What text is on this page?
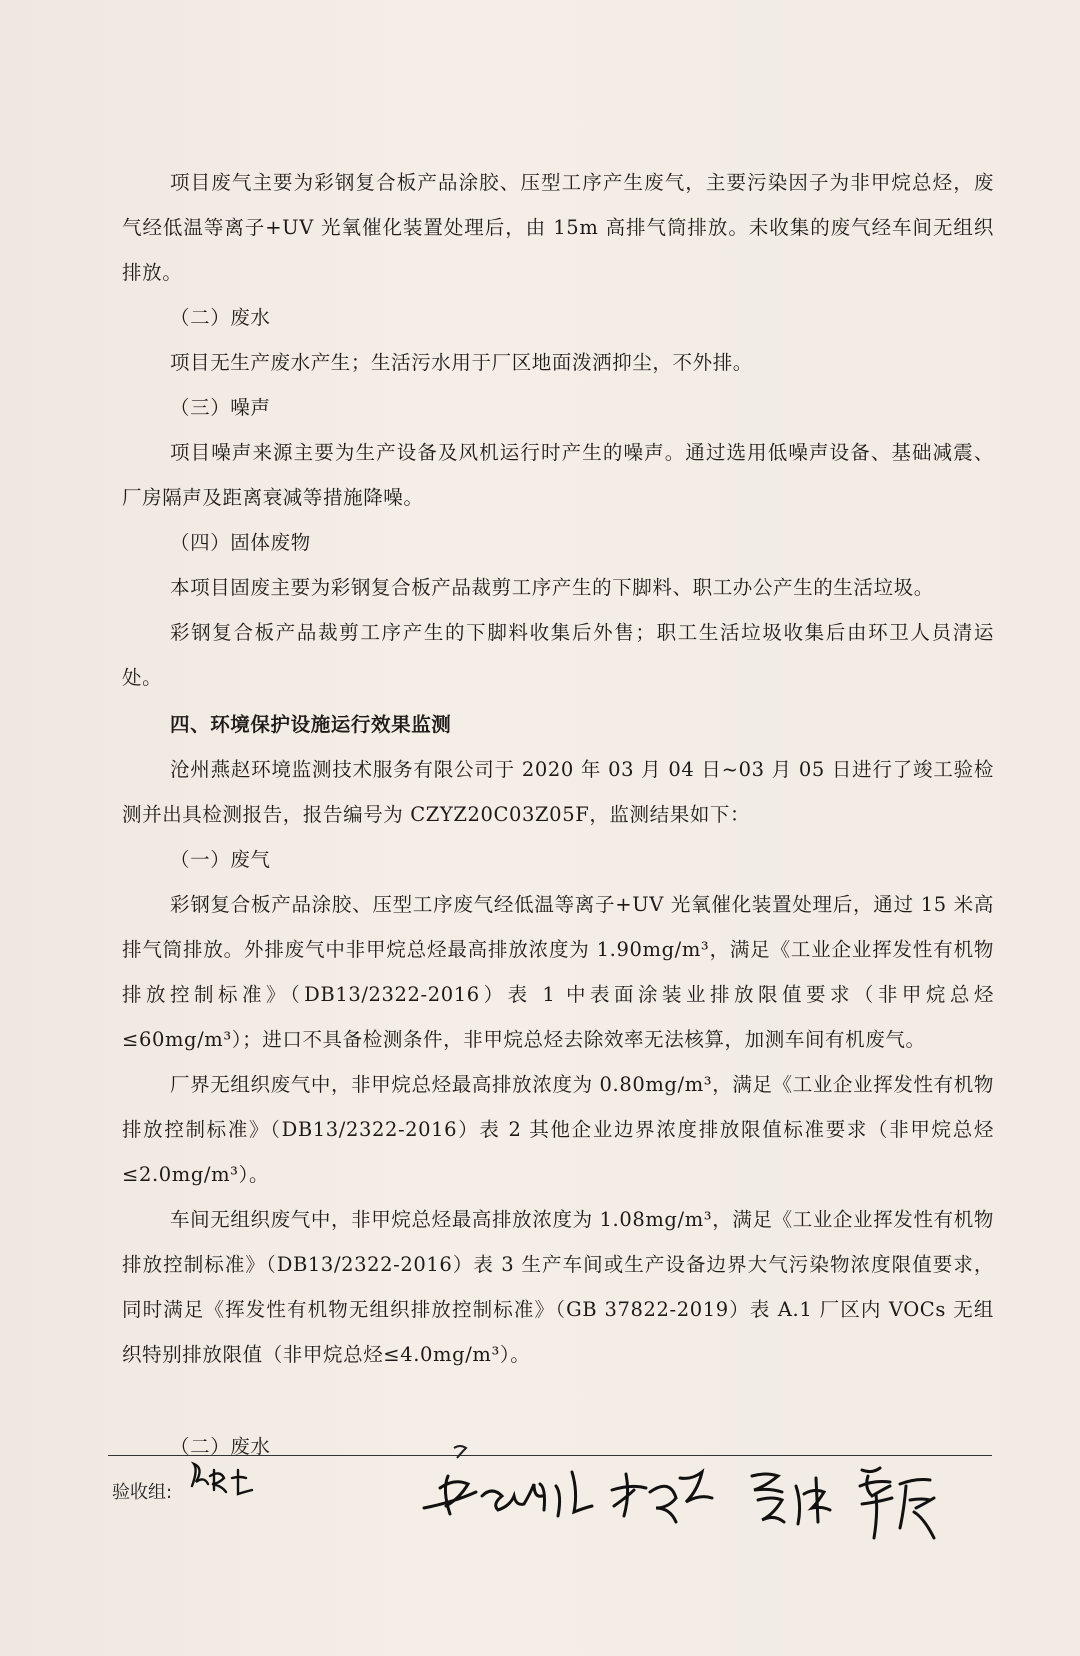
项目废气主要为彩钢复合板产品涂胶、压型工序产生废气，主要污染因子为非甲烷总烃，废气经低温等离子+UV 光氧催化装置处理后，由 15m 高排气筒排放。未收集的废气经车间无组织排放。

（二）废水

项目无生产废水产生；生活污水用于厂区地面泼洒抑尘，不外排。

（三）噪声

项目噪声来源主要为生产设备及风机运行时产生的噪声。通过选用低噪声设备、基础减震、厂房隔声及距离衰减等措施降噪。

（四）固体废物

本项目固废主要为彩钢复合板产品裁剪工序产生的下脚料、职工办公产生的生活垃圾。

彩钢复合板产品裁剪工序产生的下脚料收集后外售；职工生活垃圾收集后由环卫人员清运处。

四、环境保护设施运行效果监测

沧州燕赵环境监测技术服务有限公司于 2020 年 03 月 04 日~03 月 05 日进行了竣工验检测并出具检测报告，报告编号为 CZYZ20C03Z05F，监测结果如下：

（一）废气

彩钢复合板产品涂胶、压型工序废气经低温等离子+UV 光氧催化装置处理后，通过 15 米高排气筒排放。外排废气中非甲烷总烃最高排放浓度为 1.90mg/m³，满足《工业企业挥发性有机物排放控制标准》（DB13/2322-2016）表 1 中表面涂装业排放限值要求（非甲烷总烃≤60mg/m³）；进口不具备检测条件，非甲烷总烃去除效率无法核算，加测车间有机废气。

厂界无组织废气中，非甲烷总烃最高排放浓度为 0.80mg/m³，满足《工业企业挥发性有机物排放控制标准》（DB13/2322-2016）表 2 其他企业边界浓度排放限值标准要求（非甲烷总烃≤2.0mg/m³）。

车间无组织废气中，非甲烷总烃最高排放浓度为 1.08mg/m³，满足《工业企业挥发性有机物排放控制标准》（DB13/2322-2016）表 3 生产车间或生产设备边界大气污染物浓度限值要求，同时满足《挥发性有机物无组织排放控制标准》（GB 37822-2019）表 A.1 厂区内 VOCs 无组织特别排放限值（非甲烷总烃≤4.0mg/m³）。

（二）废水

验收组:
